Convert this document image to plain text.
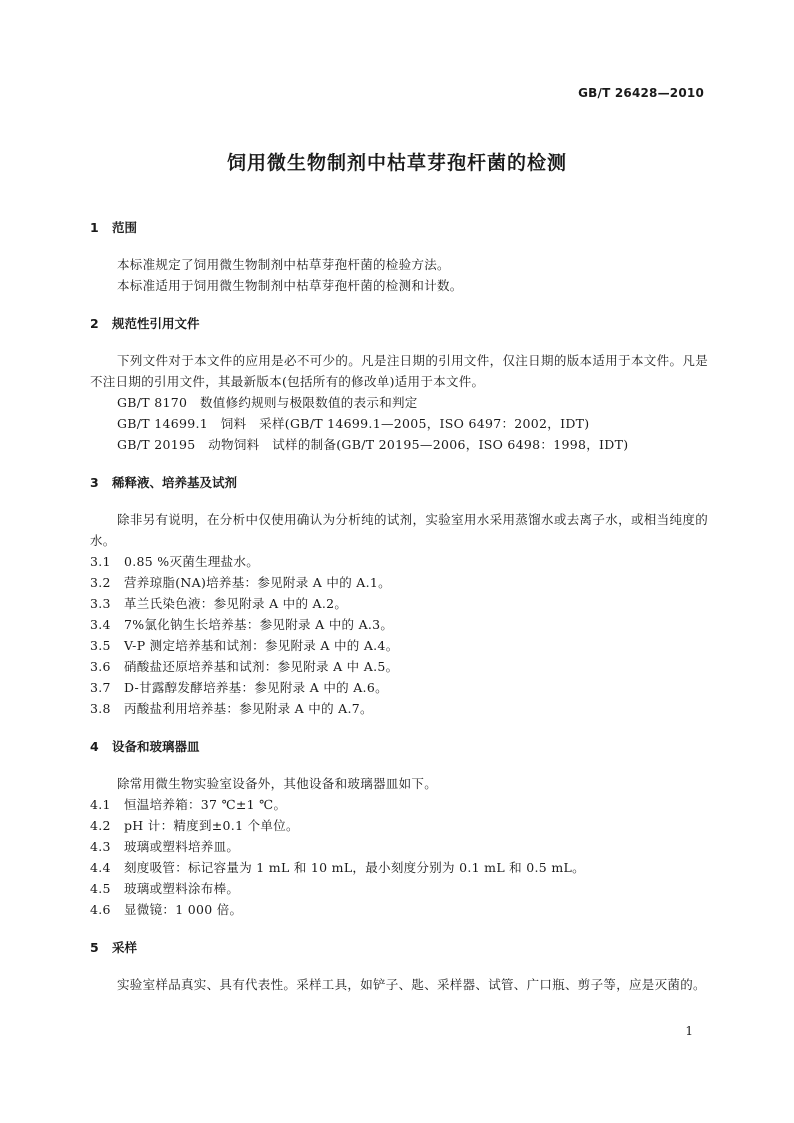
GB/T 26428—2010
饲用微生物制剂中枯草芽孢杆菌的检测
1 范围
本标准规定了饲用微生物制剂中枯草芽孢杆菌的检验方法。
本标准适用于饲用微生物制剂中枯草芽孢杆菌的检测和计数。
2 规范性引用文件
下列文件对于本文件的应用是必不可少的。凡是注日期的引用文件，仅注日期的版本适用于本文件。凡是不注日期的引用文件，其最新版本(包括所有的修改单)适用于本文件。
GB/T 8170　数值修约规则与极限数值的表示和判定
GB/T 14699.1　饲料　采样(GB/T 14699.1—2005，ISO 6497：2002，IDT)
GB/T 20195　动物饲料　试样的制备(GB/T 20195—2006，ISO 6498：1998，IDT)
3 稀释液、培养基及试剂
除非另有说明，在分析中仅使用确认为分析纯的试剂，实验室用水采用蒸馏水或去离子水，或相当纯度的水。
3.1 0.85 %灭菌生理盐水。
3.2 营养琼脂(NA)培养基：参见附录 A 中的 A.1。
3.3 革兰氏染色液：参见附录 A 中的 A.2。
3.4 7%氯化钠生长培养基：参见附录 A 中的 A.3。
3.5 V-P 测定培养基和试剂：参见附录 A 中的 A.4。
3.6 硝酸盐还原培养基和试剂：参见附录 A 中 A.5。
3.7 D-甘露醇发酵培养基：参见附录 A 中的 A.6。
3.8 丙酸盐利用培养基：参见附录 A 中的 A.7。
4 设备和玻璃器皿
除常用微生物实验室设备外，其他设备和玻璃器皿如下。
4.1 恒温培养箱：37 ℃±1 ℃。
4.2 pH 计：精度到±0.1 个单位。
4.3 玻璃或塑料培养皿。
4.4 刻度吸管：标记容量为 1 mL 和 10 mL，最小刻度分别为 0.1 mL 和 0.5 mL。
4.5 玻璃或塑料涂布棒。
4.6 显微镜：1 000 倍。
5 采样
实验室样品真实、具有代表性。采样工具，如铲子、匙、采样器、试管、广口瓶、剪子等，应是灭菌的。
1
